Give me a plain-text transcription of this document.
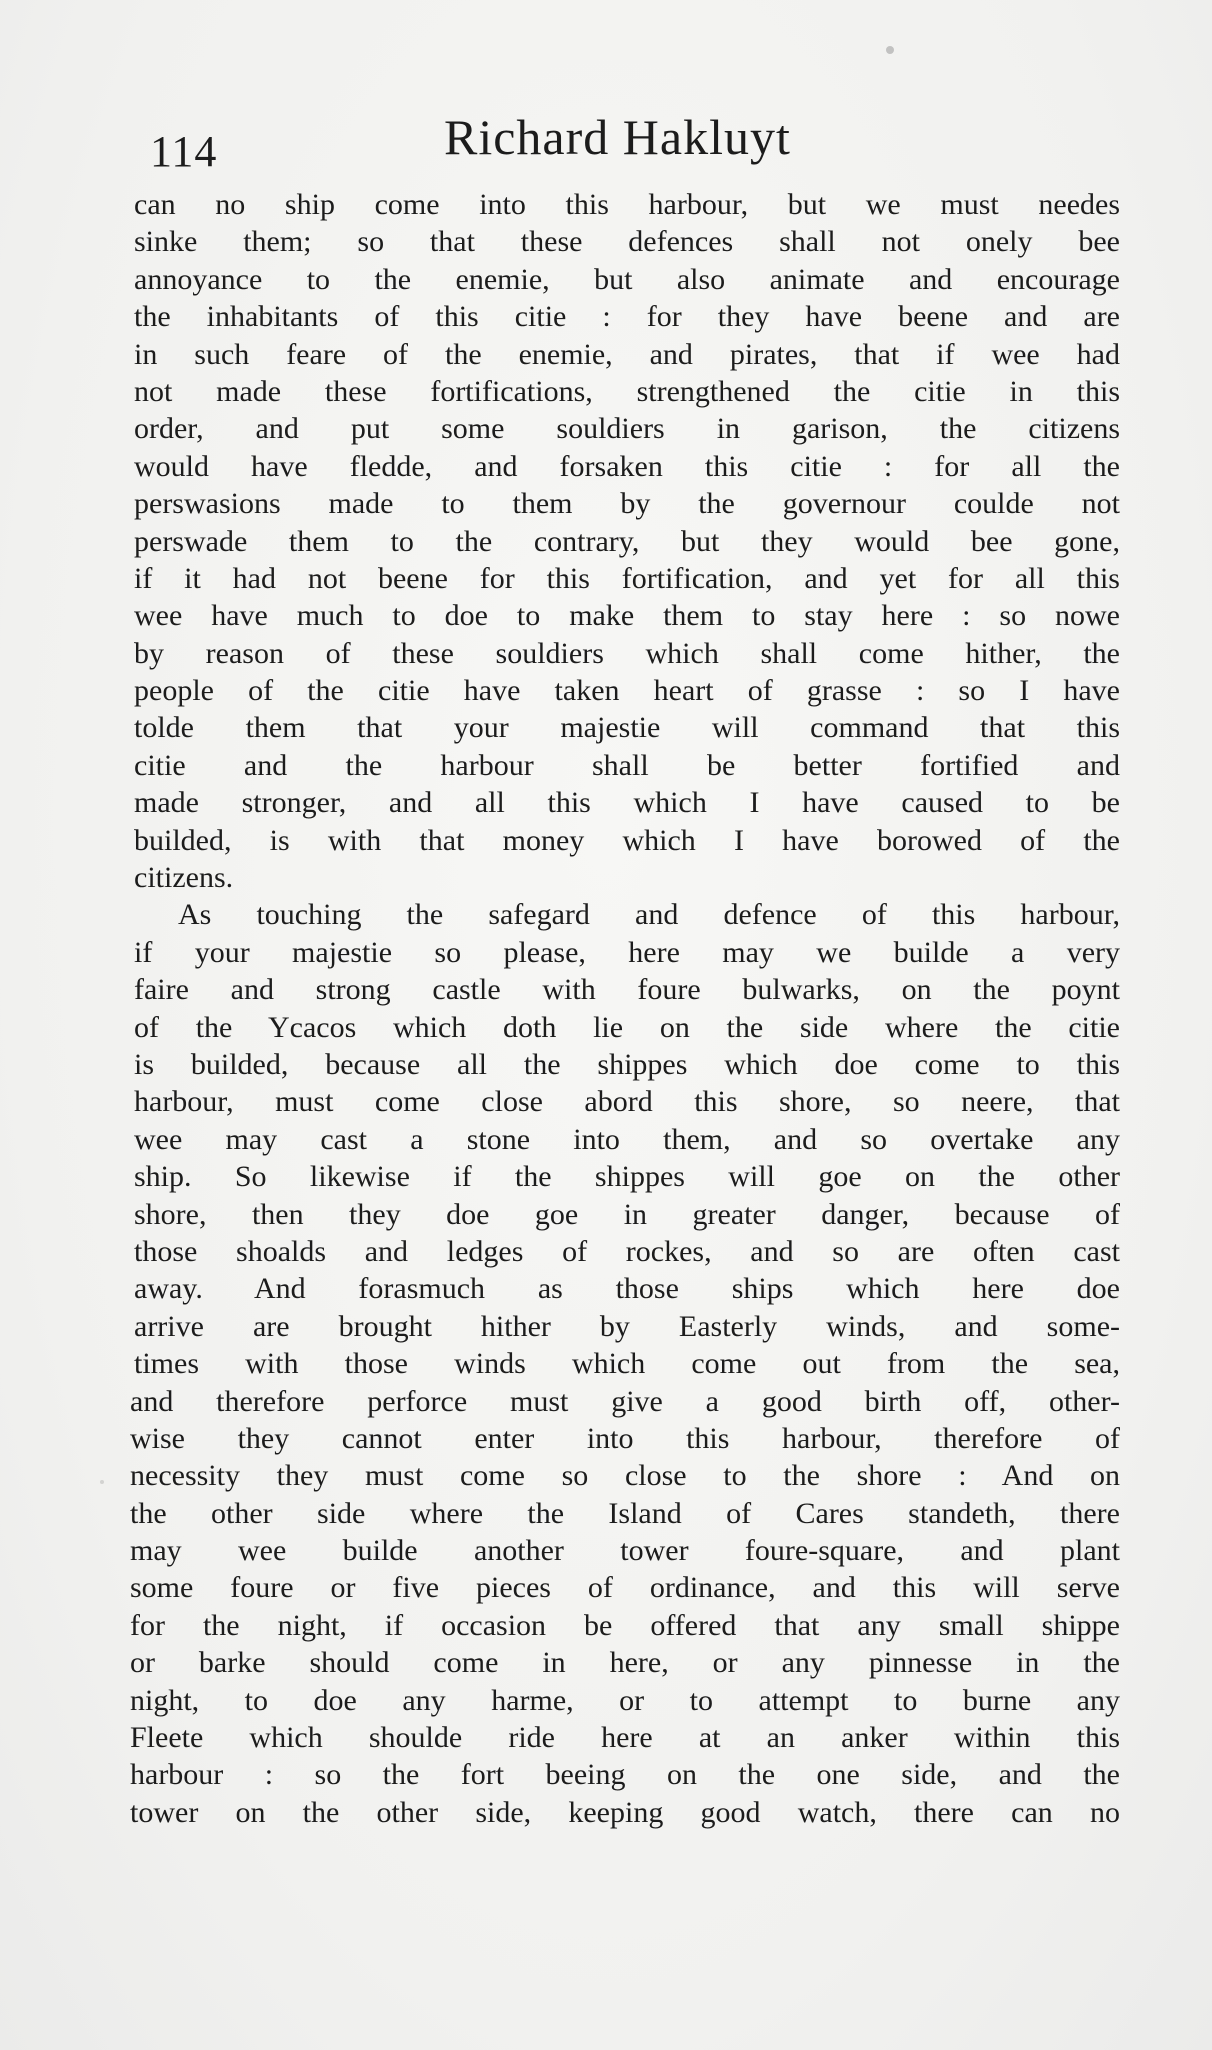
114	Richard Hakluyt
can no ship come into this harbour, but we must needes
sinke them; so that these defences shall not onely bee
annoyance to the enemie, but also animate and encourage
the inhabitants of this citie : for they have beene and are
in such feare of the enemie, and pirates, that if wee had
not made these fortifications, strengthened the citie in this
order, and put some souldiers in garison, the citizens
would have fledde, and forsaken this citie : for all the
perswasions made to them by the governour coulde not
perswade them to the contrary, but they would bee gone,
if it had not beene for this fortification, and yet for all this
wee have much to doe to make them to stay here : so nowe
by reason of these souldiers which shall come hither, the
people of the citie have taken heart of grasse : so I have
tolde them that your majestie will command that this
citie and the harbour shall be better fortified and
made stronger, and all this which I have caused to be
builded, is with that money which I have borowed of the
citizens.
As touching the safegard and defence of this harbour,
if your majestie so please, here may we builde a very
faire and strong castle with foure bulwarks, on the poynt
of the Ycacos which doth lie on the side where the citie
is builded, because all the shippes which doe come to this
harbour, must come close abord this shore, so neere, that
wee may cast a stone into them, and so overtake any
ship. So likewise if the shippes will goe on the other
shore, then they doe goe in greater danger, because of
those shoalds and ledges of rockes, and so are often cast
away. And forasmuch as those ships which here doe
arrive are brought hither by Easterly winds, and some-
times with those winds which come out from the sea,
and therefore perforce must give a good birth off, other-
wise they cannot enter into this harbour, therefore of
necessity they must come so close to the shore : And on
the other side where the Island of Cares standeth, there
may wee builde another tower foure-square, and plant
some foure or five pieces of ordinance, and this will serve
for the night, if occasion be offered that any small shippe
or barke should come in here, or any pinnesse in the
night, to doe any harme, or to attempt to burne any
Fleete which shoulde ride here at an anker within this
harbour : so the fort beeing on the one side, and the
tower on the other side, keeping good watch, there can no
